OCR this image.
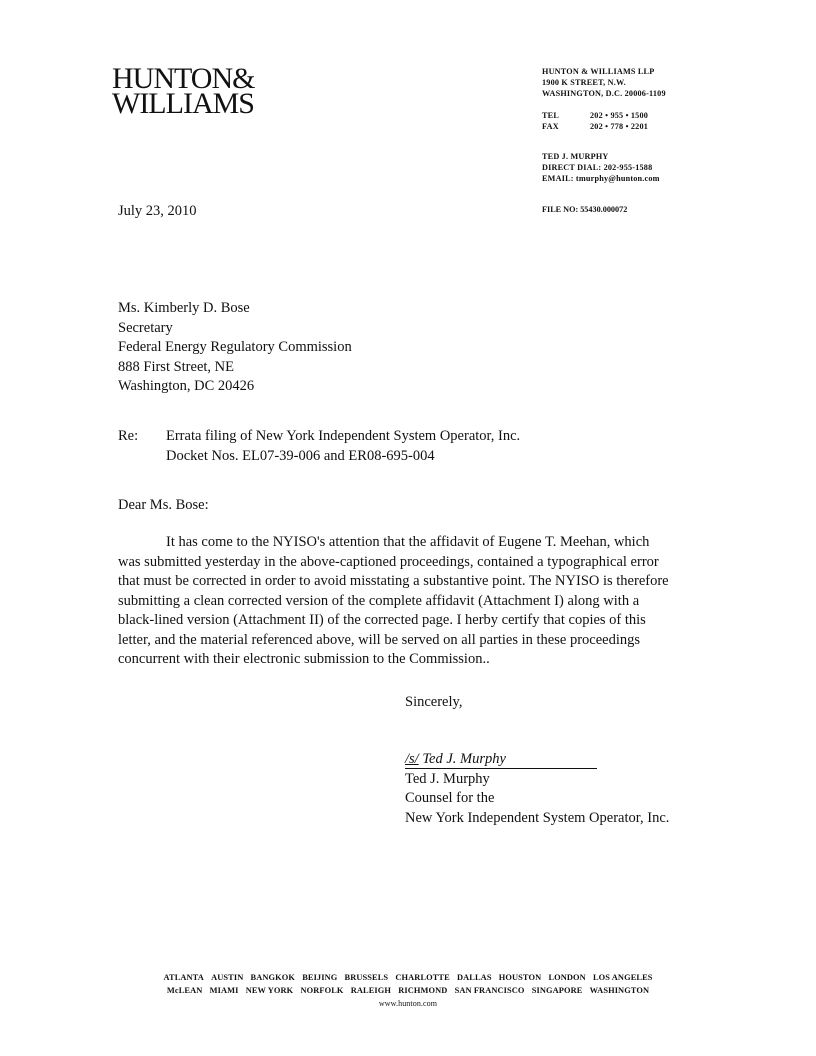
HUNTON&
WILLIAMS
HUNTON & WILLIAMS LLP
1900 K STREET, N.W.
WASHINGTON, D.C. 20006-1109
TEL	202 • 955 • 1500
FAX	202 • 778 • 2201
TED J. MURPHY
DIRECT DIAL: 202-955-1588
EMAIL: tmurphy@hunton.com
July 23, 2010	FILE NO: 55430.000072
Ms. Kimberly D. Bose
Secretary
Federal Energy Regulatory Commission
888 First Street, NE
Washington, DC 20426
Re: Errata filing of New York Independent System Operator, Inc.
Docket Nos. EL07-39-006 and ER08-695-004
Dear Ms. Bose:
It has come to the NYISO's attention that the affidavit of Eugene T. Meehan, which
was submitted yesterday in the above-captioned proceedings, contained a typographical error
that must be corrected in order to avoid misstating a substantive point. The NYISO is therefore
submitting a clean corrected version of the complete affidavit (Attachment I) along with a
black-lined version (Attachment II) of the corrected page. I herby certify that copies of this
letter, and the material referenced above, will be served on all parties in these proceedings
concurrent with their electronic submission to the Commission..
Sincerely,
/s/ Ted J. Murphy
Ted J. Murphy
Counsel for the
New York Independent System Operator, Inc.
ATLANTA AUSTIN BANGKOK BEIJING BRUSSELS CHARLOTTE DALLAS HOUSTON LONDON LOS ANGELES
McLEAN MIAMI NEW YORK NORFOLK RALEIGH RICHMOND SAN FRANCISCO SINGAPORE WASHINGTON
www.hunton.com
